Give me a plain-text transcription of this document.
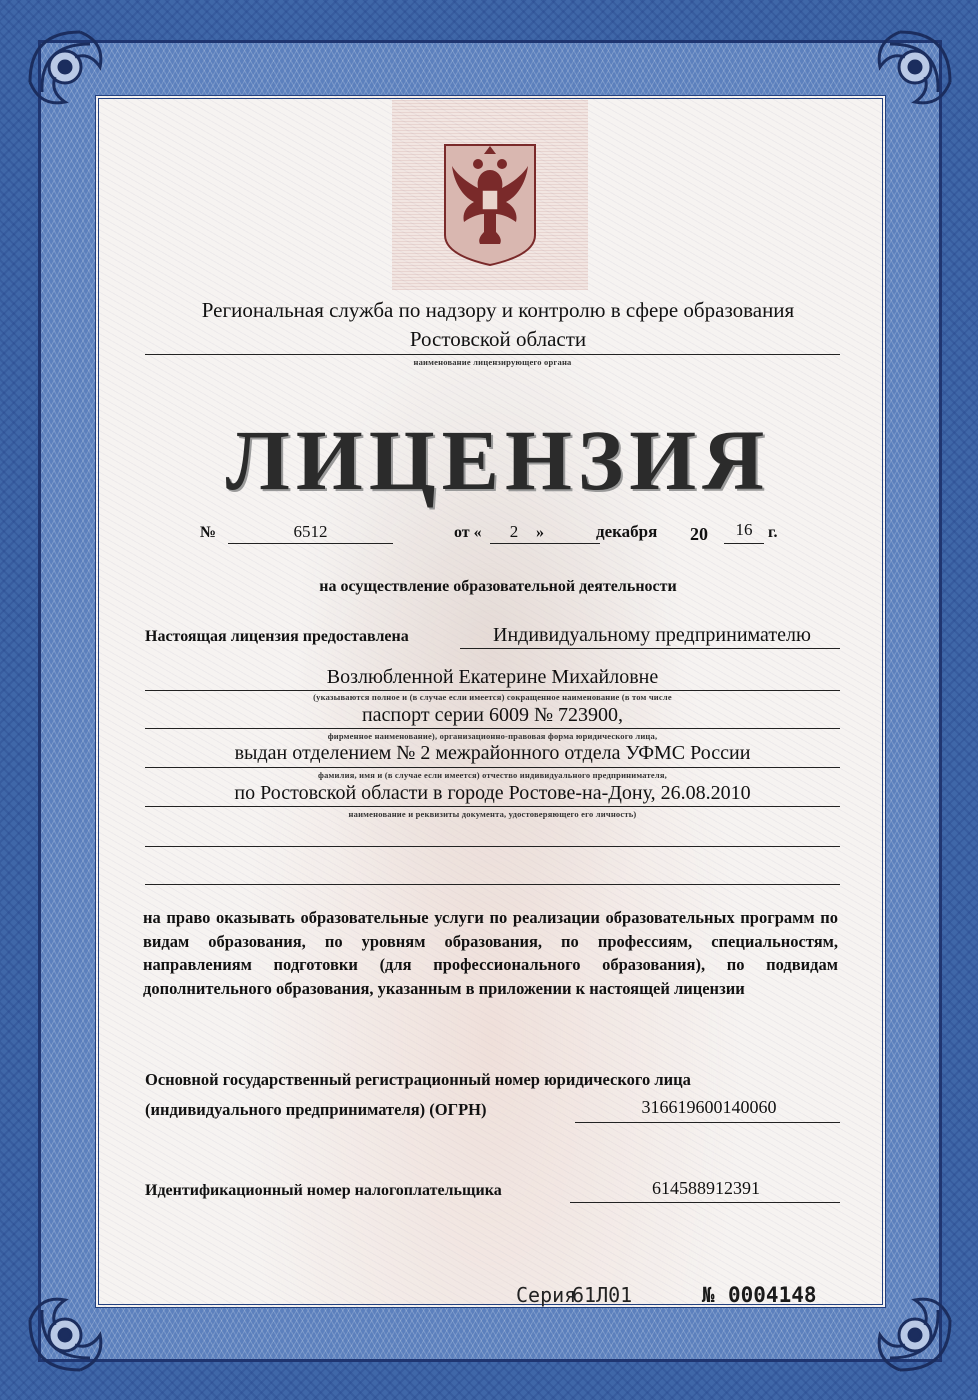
Региональная служба по надзору и контролю в сфере образования
Ростовской области
наименование лицензирующего органа
ЛИЦЕНЗИЯ
№	6512	от «	2	»	декабря 20	16 г.
на осуществление образовательной деятельности
Настоящая лицензия предоставлена	Индивидуальному предпринимателю
Возлюбленной Екатерине Михайловне
(указываются полное и (в случае если имеется) сокращенное наименование (в том числе
паспорт серии 6009 № 723900,
фирменное наименование), организационно-правовая форма юридического лица,
выдан отделением № 2 межрайонного отдела УФМС России
фамилия, имя и (в случае если имеется) отчество индивидуального предпринимателя,
по Ростовской области в городе Ростове-на-Дону, 26.08.2010
наименование и реквизиты документа, удостоверяющего его личность)
на право оказывать образовательные услуги по реализации образовательных программ по видам образования, по уровням образования, по профессиям, специальностям, направлениям подготовки (для профессионального образования), по подвидам дополнительного образования, указанным в приложении к настоящей лицензии
Основной государственный регистрационный номер юридического лица
(индивидуального предпринимателя) (ОГРН)	316619600140060
Идентификационный номер налогоплательщика	614588912391
Серия
61Л01	№ 0004148
